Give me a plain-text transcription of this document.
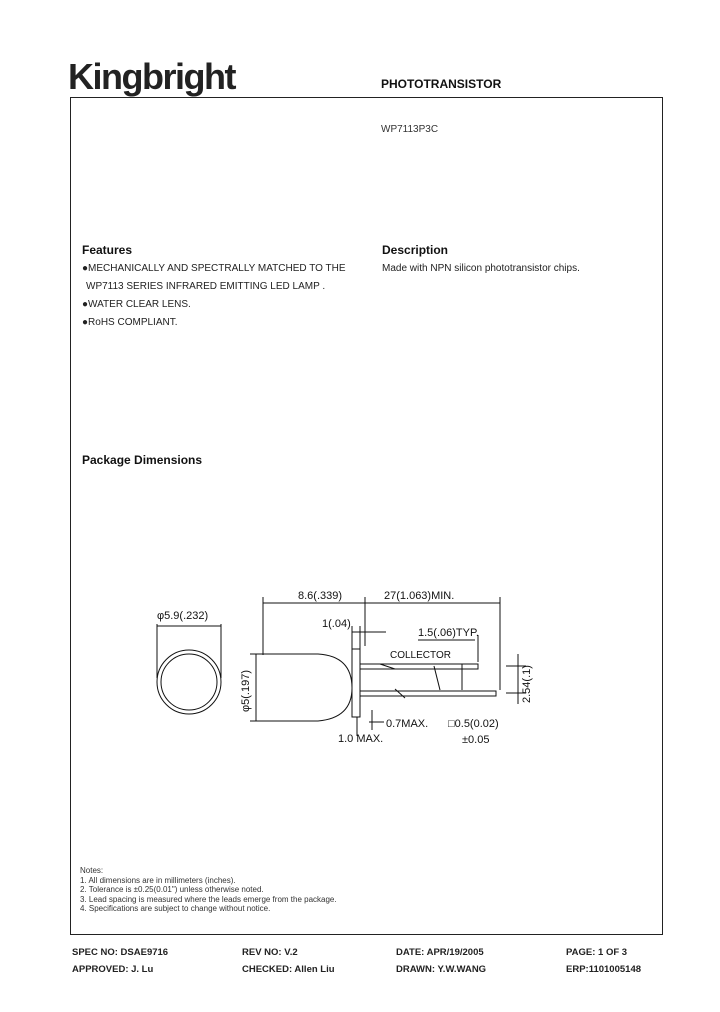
Kingbright	PHOTOTRANSISTOR
WP7113P3C
Features
●MECHANICALLY AND SPECTRALLY MATCHED TO THE
WP7113 SERIES INFRARED EMITTING LED LAMP .
●WATER CLEAR LENS.
●RoHS COMPLIANT.
Description
Made with NPN silicon phototransistor chips.
Package Dimensions
φ5.9(.232)
8.6(.339)	27(1.063)MIN.
1(.04)
1.5(.06)TYP.
COLLECTOR
φ5(.197)	2.54(.1)
0.7MAX.
1.0 MAX.
□0.5(0.02)
±0.05
Notes:
1. All dimensions are in millimeters (inches).
2. Tolerance is ±0.25(0.01") unless otherwise noted.
3. Lead spacing is measured where the leads emerge from the package.
4. Specifications are subject to change without notice.
SPEC NO: DSAE9716	REV NO: V.2	DATE: APR/19/2005	PAGE: 1 OF 3
APPROVED: J. Lu	CHECKED: Allen Liu	DRAWN: Y.W.WANG	ERP:1101005148
